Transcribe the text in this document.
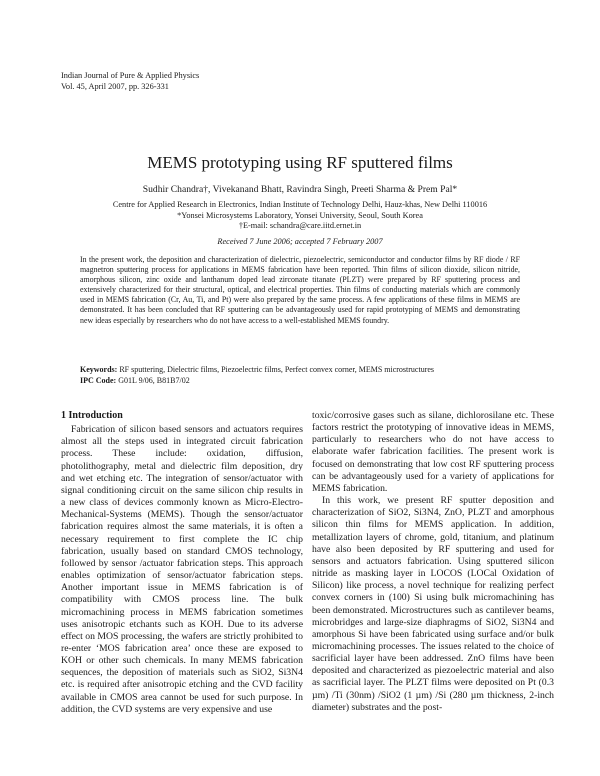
Indian Journal of Pure & Applied Physics
Vol. 45, April 2007, pp. 326-331
MEMS prototyping using RF sputtered films
Sudhir Chandra†, Vivekanand Bhatt, Ravindra Singh, Preeti Sharma & Prem Pal*
Centre for Applied Research in Electronics, Indian Institute of Technology Delhi, Hauz-khas, New Delhi 110016
*Yonsei Microsystems Laboratory, Yonsei University, Seoul, South Korea
†E-mail: schandra@care.iitd.ernet.in
Received 7 June 2006; accepted 7 February 2007
In the present work, the deposition and characterization of dielectric, piezoelectric, semiconductor and conductor films by RF diode / RF magnetron sputtering process for applications in MEMS fabrication have been reported. Thin films of silicon dioxide, silicon nitride, amorphous silicon, zinc oxide and lanthanum doped lead zirconate titanate (PLZT) were prepared by RF sputtering process and extensively characterized for their structural, optical, and electrical properties. Thin films of conducting materials which are commonly used in MEMS fabrication (Cr, Au, Ti, and Pt) were also prepared by the same process. A few applications of these films in MEMS are demonstrated. It has been concluded that RF sputtering can be advantageously used for rapid prototyping of MEMS and demonstrating new ideas especially by researchers who do not have access to a well-established MEMS foundry.
Keywords: RF sputtering, Dielectric films, Piezoelectric films, Perfect convex corner, MEMS microstructures
IPC Code: G01L 9/06, B81B7/02
1 Introduction

Fabrication of silicon based sensors and actuators requires almost all the steps used in integrated circuit fabrication process. These include: oxidation, diffusion, photolithography, metal and dielectric film deposition, dry and wet etching etc. The integration of sensor/actuator with signal conditioning circuit on the same silicon chip results in a new class of devices commonly known as Micro-Electro-Mechanical-Systems (MEMS). Though the sensor/actuator fabrication requires almost the same materials, it is often a necessary requirement to first complete the IC chip fabrication, usually based on standard CMOS technology, followed by sensor /actuator fabrication steps. This approach enables optimization of sensor/actuator fabrication steps. Another important issue in MEMS fabrication is of compatibility with CMOS process line. The bulk micromachining process in MEMS fabrication sometimes uses anisotropic etchants such as KOH. Due to its adverse effect on MOS processing, the wafers are strictly prohibited to re-enter ‘MOS fabrication area’ once these are exposed to KOH or other such chemicals. In many MEMS fabrication sequences, the deposition of materials such as SiO2, Si3N4 etc. is required after anisotropic etching and the CVD facility available in CMOS area cannot be used for such purpose. In addition, the CVD systems are very expensive and use

toxic/corrosive gases such as silane, dichlorosilane etc. These factors restrict the prototyping of innovative ideas in MEMS, particularly to researchers who do not have access to elaborate wafer fabrication facilities. The present work is focused on demonstrating that low cost RF sputtering process can be advantageously used for a variety of applications for MEMS fabrication.

In this work, we present RF sputter deposition and characterization of SiO2, Si3N4, ZnO, PLZT and amorphous silicon thin films for MEMS application. In addition, metallization layers of chrome, gold, titanium, and platinum have also been deposited by RF sputtering and used for sensors and actuators fabrication. Using sputtered silicon nitride as masking layer in LOCOS (LOCal Oxidation of Silicon) like process, a novel technique for realizing perfect convex corners in (100) Si using bulk micromachining has been demonstrated. Microstructures such as cantilever beams, microbridges and large-size diaphragms of SiO2, Si3N4 and amorphous Si have been fabricated using surface and/or bulk micromachining processes. The issues related to the choice of sacrificial layer have been addressed. ZnO films have been deposited and characterized as piezoelectric material and also as sacrificial layer. The PLZT films were deposited on Pt (0.3 µm) /Ti (30nm) /SiO2 (1 µm) /Si (280 µm thickness, 2-inch diameter) substrates and the post-
